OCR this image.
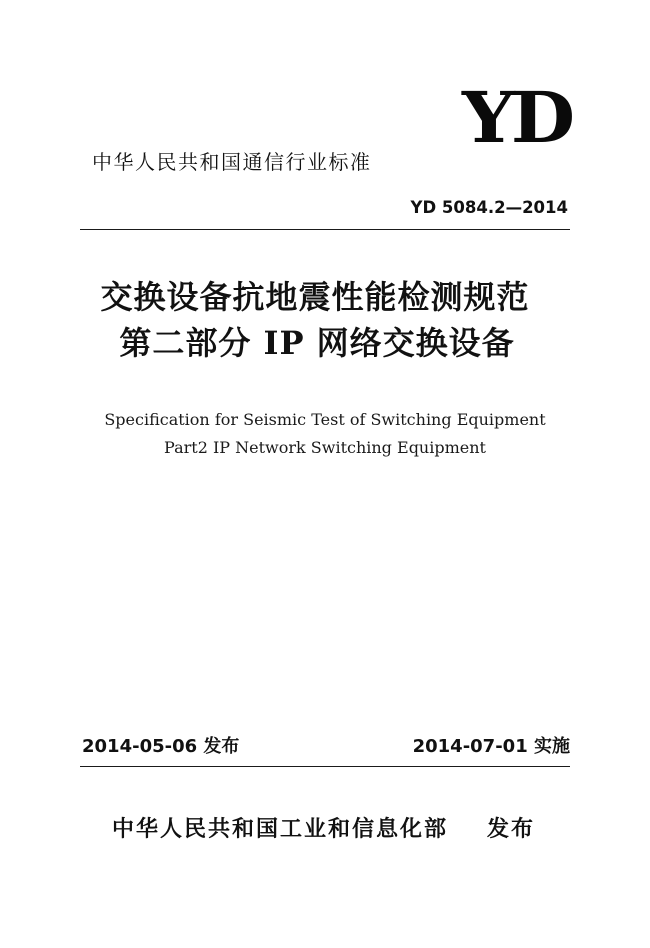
YD
中华人民共和国通信行业标准
YD 5084.2—2014
交换设备抗地震性能检测规范
第二部分 IP 网络交换设备
Specification for Seismic Test of Switching Equipment
Part2 IP Network Switching Equipment
2014-05-06 发布	2014-07-01 实施
中华人民共和国工业和信息化部 发布
